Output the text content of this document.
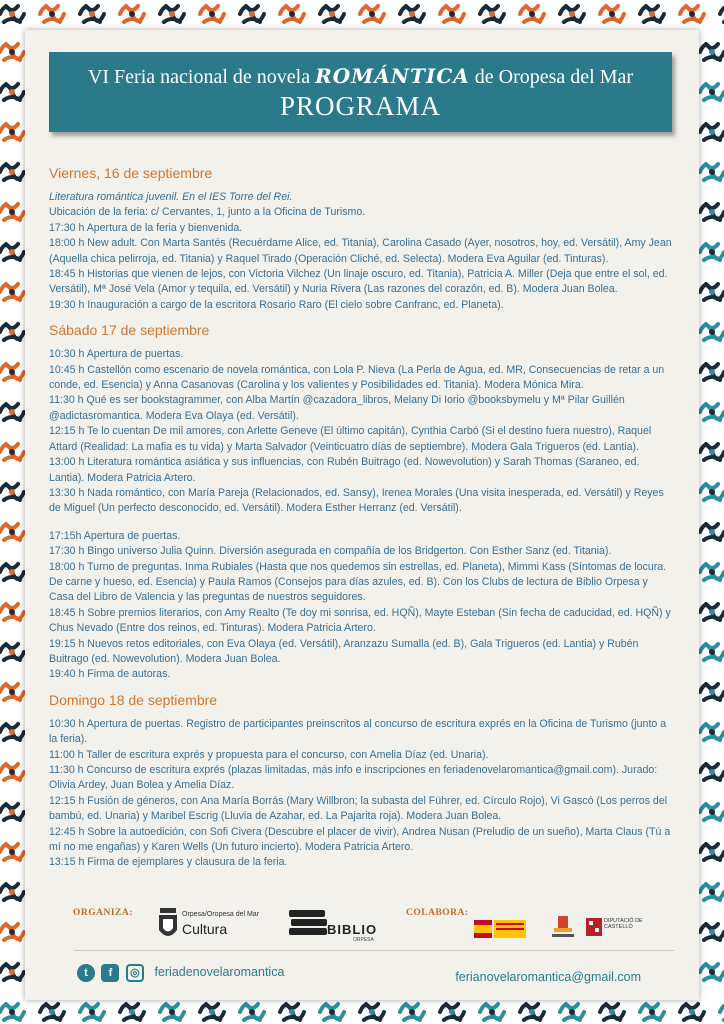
VI Feria nacional de novela ROMÁNTICA de Oropesa del Mar
PROGRAMA
Viernes, 16 de septiembre

Literatura romántica juvenil. En el IES Torre del Rei.

Ubicación de la feria: c/ Cervantes, 1, junto a la Oficina de Turismo.

17:30 h Apertura de la feria y bienvenida.

18:00 h New adult. Con Marta Santés (Recuérdame Alice, ed. Titania), Carolina Casado (Ayer, nosotros, hoy, ed. Versátil), Amy Jean (Aquella chica pelirroja, ed. Titania) y Raquel Tirado (Operación Cliché, ed. Selecta). Modera Eva Aguilar (ed. Tinturas).

18:45 h Historias que vienen de lejos, con Victoria Vilchez (Un linaje oscuro, ed. Titania), Patricia A. Miller (Deja que entre el sol, ed. Versátil), Mª José Vela (Amor y tequila, ed. Versátil) y Nuria Rivera (Las razones del corazón, ed. B). Modera Juan Bolea.

19:30 h Inauguración a cargo de la escritora Rosario Raro (El cielo sobre Canfranc, ed. Planeta).

Sábado 17 de septiembre

10:30 h Apertura de puertas.

10:45 h Castellón como escenario de novela romántica, con Lola P. Nieva (La Perla de Agua, ed. MR, Consecuencias de retar a un conde, ed. Esencia) y Anna Casanovas (Carolina y los valientes y Posibilidades ed. Titania). Modera Mónica Mira.

11:30 h Qué es ser bookstagrammer, con Alba Martín @cazadora_libros, Melany Di Iorio @booksbymelu y Mª Pilar Guillén @adictasromantica. Modera Eva Olaya (ed. Versátil).

12:15 h Te lo cuentan De mil amores, con Arlette Geneve (El último capitán), Cynthia Carbó (Si el destino fuera nuestro), Raquel Attard (Realidad: La mafia es tu vida) y Marta Salvador (Veinticuatro días de septiembre). Modera Gala Trigueros (ed. Lantia).

13:00 h Literatura romántica asiática y sus influencias, con Rubén Buitrago (ed. Nowevolution) y Sarah Thomas (Saraneo, ed. Lantia). Modera Patricia Artero.

13:30 h Nada romántico, con María Pareja (Relacionados, ed. Sansy), Irenea Morales (Una visita inesperada, ed. Versátil) y Reyes de Miguel (Un perfecto desconocido, ed. Versátil). Modera Esther Herranz (ed. Versátil).

17:15h Apertura de puertas.

17:30 h Bingo universo Julia Quinn. Diversión asegurada en compañía de los Bridgerton. Con Esther Sanz (ed. Titania).

18:00 h Turno de preguntas. Inma Rubiales (Hasta que nos quedemos sin estrellas, ed. Planeta), Mimmi Kass (Síntomas de locura. De carne y hueso, ed. Esencia) y Paula Ramos (Consejos para días azules, ed. B). Con los Clubs de lectura de Biblio Orpesa y Casa del Libro de Valencia y las preguntas de nuestros seguidores.

18:45 h Sobre premios literarios, con Amy Realto (Te doy mi sonrisa, ed. HQÑ), Mayte Esteban (Sin fecha de caducidad, ed. HQÑ) y Chus Nevado (Entre dos reinos, ed. Tinturas). Modera Patricia Artero.

19:15 h Nuevos retos editoriales, con Eva Olaya (ed. Versátil), Aranzazu Sumalla (ed. B), Gala Trigueros (ed. Lantia) y Rubén Buitrago (ed. Nowevolution). Modera Juan Bolea.

19:40 h Firma de autoras.

Domingo 18 de septiembre

10:30 h Apertura de puertas. Registro de participantes preinscritos al concurso de escritura exprés en la Oficina de Turismo (junto a la feria).

11:00 h Taller de escritura exprés y propuesta para el concurso, con Amelia Díaz (ed. Unaria).

11:30 h Concurso de escritura exprés (plazas limitadas, más info e inscripciones en feriadenovelaromantica@gmail.com). Jurado: Olivia Ardey, Juan Bolea y Amelia Díaz.

12:15 h Fusión de géneros, con Ana María Borrás (Mary Willbron; la subasta del Führer, ed. Círculo Rojo), Vi Gascó (Los perros del bambú, ed. Unaria) y Maribel Escrig (Lluvia de Azahar, ed. La Pajarita roja). Modera Juan Bolea.

12:45 h Sobre la autoedición, con Sofi Civera (Descubre el placer de vivir), Andrea Nusan (Preludio de un sueño), Marta Claus (Tú a mí no me engañas) y Karen Wells (Un futuro incierto). Modera Patricia Artero.

13:15 h Firma de ejemplares y clausura de la feria.

ORGANIZA:	Orpesa/Oropesa del Mar
Cultura	BIBLIO
ORPESA
COLABORA:
DIPUTACIÓ DE CASTELLÓ
t f ◎ feriadenovelaromantica	ferianovelaromantica@gmail.com
